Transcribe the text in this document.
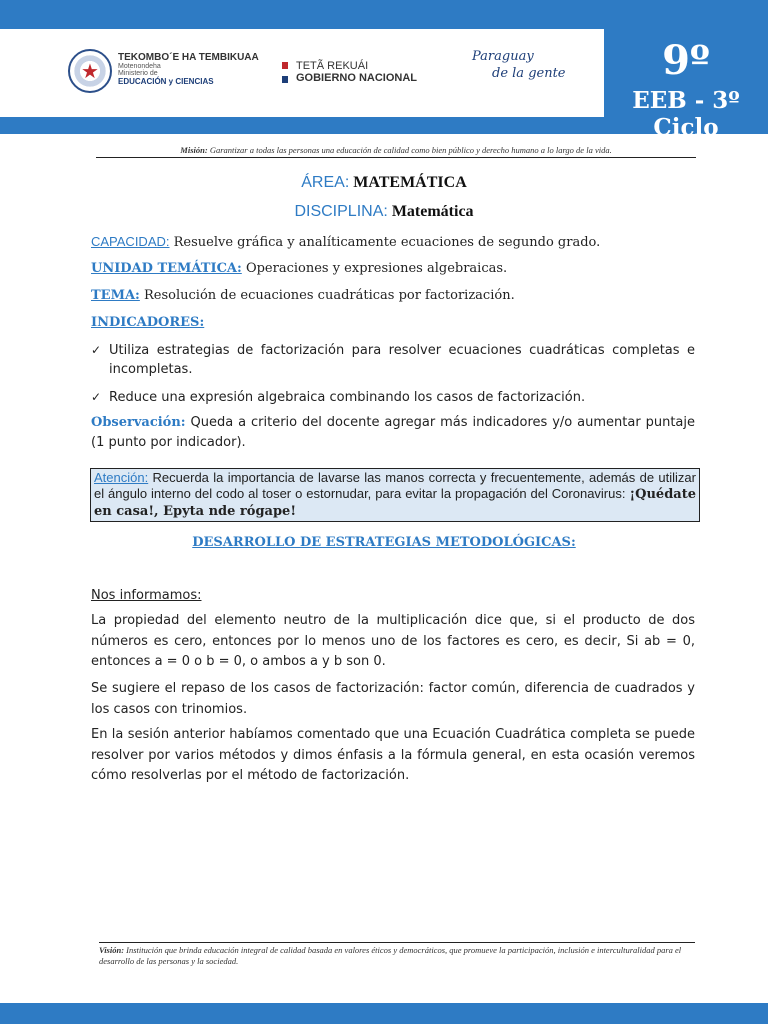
★
TEKOMBO´E HA TEMBIKUAA
Motenondeha
Ministerio de
EDUCACIÓN y CIENCIAS
TETÃ REKUÁI
GOBIERNO NACIONAL
Paraguay
de la gente	9º
EEB - 3º Ciclo
Misión: Garantizar a todas las personas una educación de calidad como bien público y derecho humano a lo largo de la vida.
ÁREA: MATEMÁTICA
DISCIPLINA: Matemática
CAPACIDAD: Resuelve gráfica y analíticamente ecuaciones de segundo grado.
UNIDAD TEMÁTICA: Operaciones y expresiones algebraicas.
TEMA: Resolución de ecuaciones cuadráticas por factorización.
INDICADORES:
✓ Utiliza estrategias de factorización para resolver ecuaciones cuadráticas completas e incompletas.
✓ Reduce una expresión algebraica combinando los casos de factorización.
Observación: Queda a criterio del docente agregar más indicadores y/o aumentar puntaje (1 punto por indicador).
Atención: Recuerda la importancia de lavarse las manos correcta y frecuentemente, además de utilizar el ángulo interno del codo al toser o estornudar, para evitar la propagación del Coronavirus: ¡Quédate en casa!, Epyta nde rógape!
DESARROLLO DE ESTRATEGIAS METODOLÓGICAS:
Nos informamos:
La propiedad del elemento neutro de la multiplicación dice que, si el producto de dos números es cero, entonces por lo menos uno de los factores es cero, es decir, Si ab = 0, entonces a = 0 o b = 0, o ambos a y b son 0.
Se sugiere el repaso de los casos de factorización: factor común, diferencia de cuadrados y los casos con trinomios.
En la sesión anterior habíamos comentado que una Ecuación Cuadrática completa se puede resolver por varios métodos y dimos énfasis a la fórmula general, en esta ocasión veremos cómo resolverlas por el método de factorización.
Visión: Institución que brinda educación integral de calidad basada en valores éticos y democráticos, que promueve la participación, inclusión e interculturalidad para el desarrollo de las personas y la sociedad.
